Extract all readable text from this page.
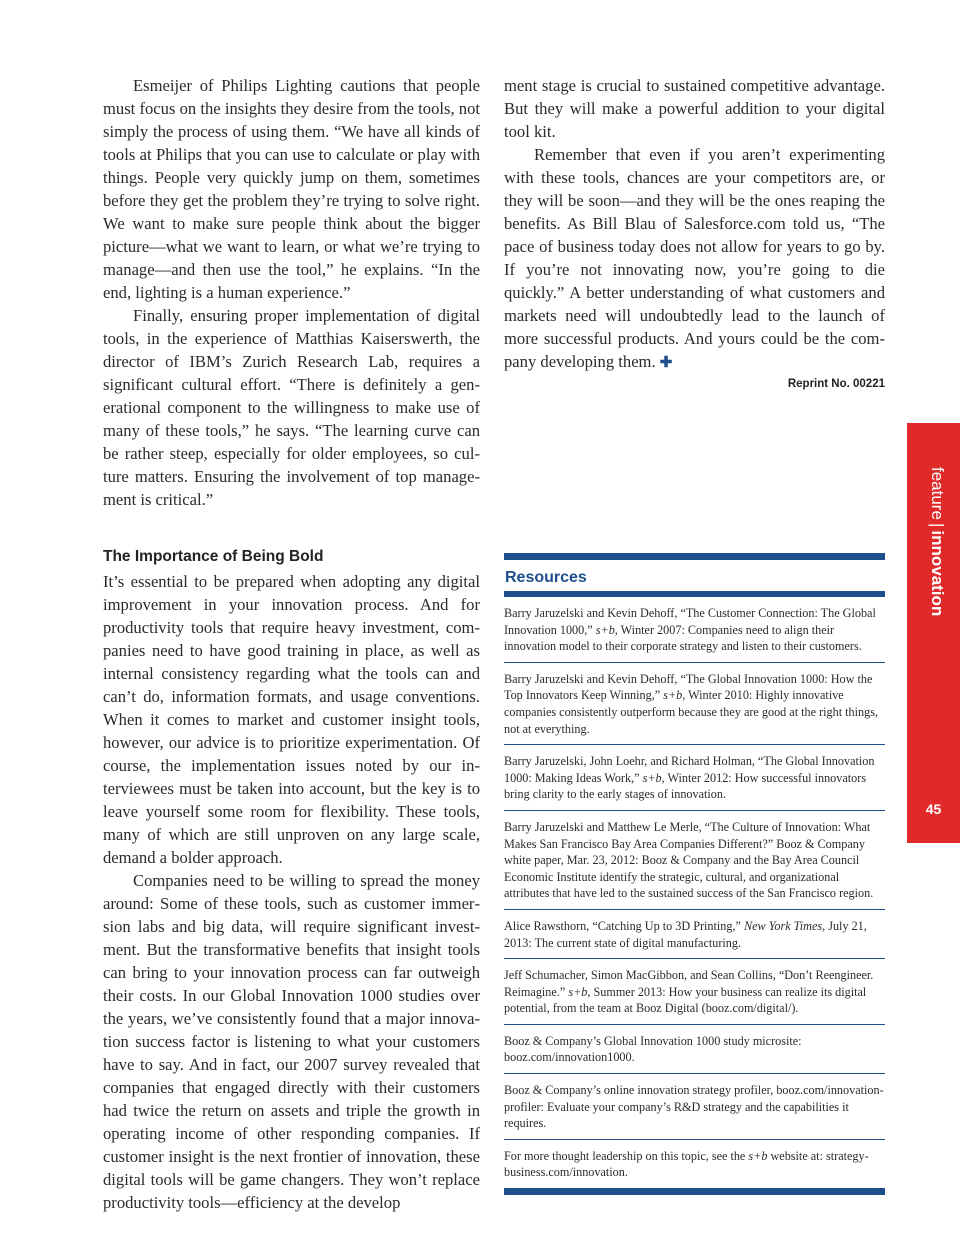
Esmeijer of Philips Lighting cautions that people must focus on the insights they desire from the tools, not simply the process of using them. “We have all kinds of tools at Philips that you can use to calculate or play with things. People very quickly jump on them, sometimes before they get the problem they’re trying to solve right. We want to make sure people think about the bigger picture—what we want to learn, or what we’re trying to manage—and then use the tool,” he explains. “In the end, lighting is a human experience.”

Finally, ensuring proper implementation of digital tools, in the experience of Matthias Kaiserswerth, the director of IBM’s Zurich Research Lab, requires a significant cultural effort. “There is definitely a generational component to the willingness to make use of many of these tools,” he says. “The learning curve can be rather steep, especially for older employees, so culture matters. Ensuring the involvement of top management is critical.”

The Importance of Being Bold

It’s essential to be prepared when adopting any digital improvement in your innovation process. And for productivity tools that require heavy investment, companies need to have good training in place, as well as internal consistency regarding what the tools can and can’t do, information formats, and usage conventions. When it comes to market and customer insight tools, however, our advice is to prioritize experimentation. Of course, the implementation issues noted by our interviewees must be taken into account, but the key is to leave yourself some room for flexibility. These tools, many of which are still unproven on any large scale, demand a bolder approach.

Companies need to be willing to spread the money around: Some of these tools, such as customer immersion labs and big data, will require significant investment. But the transformative benefits that insight tools can bring to your innovation process can far outweigh their costs. In our Global Innovation 1000 studies over the years, we’ve consistently found that a major innovation success factor is listening to what your customers have to say. And in fact, our 2007 survey revealed that companies that engaged directly with their customers had twice the return on assets and triple the growth in operating income of other responding companies. If customer insight is the next frontier of innovation, these digital tools will be game changers. They won’t replace productivity tools—efficiency at the develop

ment stage is crucial to sustained competitive advantage. But they will make a powerful addition to your digital tool kit.

Remember that even if you aren’t experimenting with these tools, chances are your competitors are, or they will be soon—and they will be the ones reaping the benefits. As Bill Blau of Salesforce.com told us, “The pace of business today does not allow for years to go by. If you’re not innovating now, you’re going to die quickly.” A better understanding of what customers and markets need will undoubtedly lead to the launch of more successful products. And yours could be the company developing them. ✚

Reprint No. 00221
Resources
Barry Jaruzelski and Kevin Dehoff, “The Customer Connection: The Global Innovation 1000,” s+b, Winter 2007: Companies need to align their innovation model to their corporate strategy and listen to their customers.
Barry Jaruzelski and Kevin Dehoff, “The Global Innovation 1000: How the Top Innovators Keep Winning,” s+b, Winter 2010: Highly innovative companies consistently outperform because they are good at the right things, not at everything.
Barry Jaruzelski, John Loehr, and Richard Holman, “The Global Innovation 1000: Making Ideas Work,” s+b, Winter 2012: How successful innovators bring clarity to the early stages of innovation.
Barry Jaruzelski and Matthew Le Merle, “The Culture of Innovation: What Makes San Francisco Bay Area Companies Different?” Booz & Company white paper, Mar. 23, 2012: Booz & Company and the Bay Area Council Economic Institute identify the strategic, cultural, and organizational attributes that have led to the sustained success of the San Francisco region.
Alice Rawsthorn, “Catching Up to 3D Printing,” New York Times, July 21, 2013: The current state of digital manufacturing.
Jeff Schumacher, Simon MacGibbon, and Sean Collins, “Don’t Reengineer. Reimagine.” s+b, Summer 2013: How your business can realize its digital potential, from the team at Booz Digital (booz.com/digital/).
Booz & Company’s Global Innovation 1000 study microsite: booz.com/innovation1000.
Booz & Company’s online innovation strategy profiler, booz.com/innovation-profiler: Evaluate your company’s R&D strategy and the capabilities it requires.
For more thought leadership on this topic, see the s+b website at: strategy-business.com/innovation.
feature|innovation
45
